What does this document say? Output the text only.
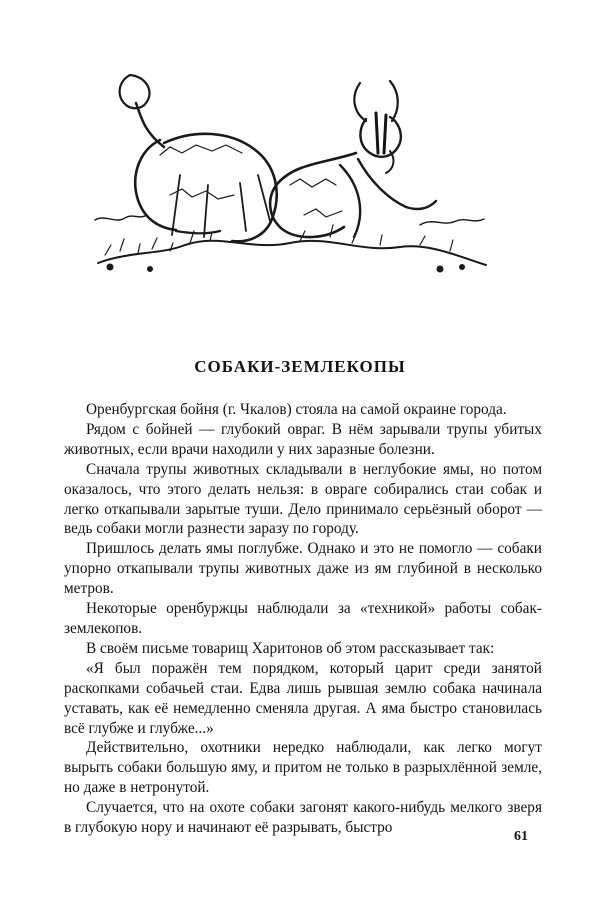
СОБАКИ-ЗЕМЛЕКОПЫ

Оренбургская бойня (г. Чкалов) стояла на самой окраине города.

Рядом с бойней — глубокий овраг. В нём зарывали трупы убитых животных, если врачи находили у них заразные болезни.

Сначала трупы животных складывали в неглубокие ямы, но потом оказалось, что этого делать нельзя: в овраге собирались стаи собак и легко откапывали зарытые туши. Дело принимало серьёзный оборот — ведь собаки могли разнести заразу по городу.

Пришлось делать ямы поглубже. Однако и это не помогло — собаки упорно откапывали трупы животных даже из ям глубиной в несколько метров.

Некоторые оренбуржцы наблюдали за «техникой» работы собак-землекопов.

В своём письме товарищ Харитонов об этом рассказывает так:

«Я был поражён тем порядком, который царит среди занятой раскопками собачьей стаи. Едва лишь рывшая землю собака начинала уставать, как её немедленно сменяла другая. А яма быстро становилась всё глубже и глубже...»

Действительно, охотники нередко наблюдали, как легко могут вырыть собаки большую яму, и притом не только в разрыхлённой земле, но даже в нетронутой.

Случается, что на охоте собаки загонят какого-нибудь мелкого зверя в глубокую нору и начинают её разрывать, быстро

61
